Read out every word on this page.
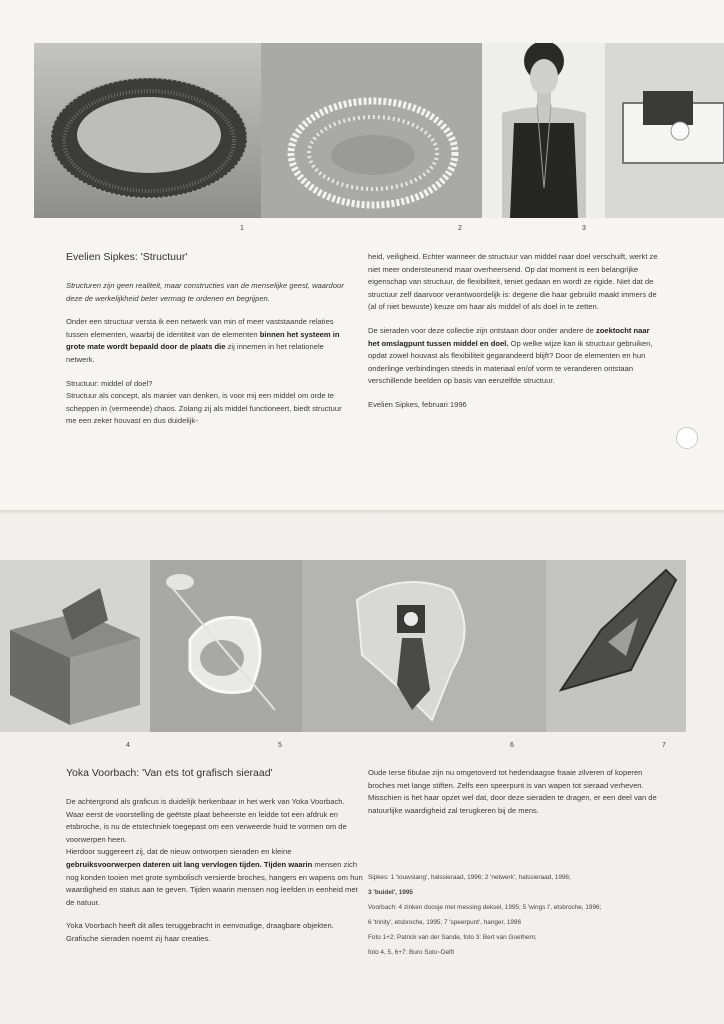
1	2	3
Evelien Sipkes: 'Structuur'

Structuren zijn geen realiteit, maar constructies van de menselijke geest, waardoor deze de werkelijkheid beter vermag te ordenen en begrijpen.

Onder een structuur versta ik een netwerk van min of meer vaststaande relaties tussen elementen, waarbij de identiteit van de elementen binnen het systeem in grote mate wordt bepaald door de plaats die zij innemen in het relationele netwerk.

Structuur: middel of doel?

Structuur als concept, als manier van denken, is voor mij een middel om orde te scheppen in (vermeende) chaos. Zolang zij als middel functioneert, biedt structuur me een zeker houvast en dus duidelijk-

heid, veiligheid. Echter wanneer de structuur van middel naar doel verschuift, werkt ze niet meer ondersteunend maar overheersend. Op dat moment is een belangrijke eigenschap van structuur, de flexibiliteit, teniet gedaan en wordt ze rigide. Niet dat de structuur zelf daarvoor verantwoordelijk is: degene die haar gebruikt maakt immers de (al of niet bewuste) keuze om haar als middel of als doel in te zetten.

De sieraden voor deze collectie zijn ontstaan door onder andere de zoektocht naar het omslagpunt tussen middel en doel. Op welke wijze kan ik structuur gebruiken, opdat zowel houvast als flexibiliteit gegarandeerd blijft? Door de elementen en hun onderlinge verbindingen steeds in materiaal en/of vorm te veranderen ontstaan verschillende beelden op basis van eenzelfde structuur.

Evelien Sipkes, februari 1996

4	5	6	7
Yoka Voorbach: 'Van ets tot grafisch sieraad'

De achtergrond als graficus is duidelijk herkenbaar in het werk van Yoka Voorbach.

Waar eerst de voorstelling de geëtste plaat beheerste en leidde tot een afdruk en etsbroche, is nu de etstechniek toegepast om een verweerde huid te vormen om de voorwerpen heen.

Hierdoor suggereert zij, dat de nieuw ontworpen sieraden en kleine gebruiksvoorwerpen dateren uit lang vervlogen tijden. Tijden waarin mensen zich nog konden tooien met grote symbolisch versierde broches, hangers en wapens om hun waardigheid en status aan te geven. Tijden waarin mensen nog leefden in eenheid met de natuur.

Yoka Voorbach heeft dit alles teruggebracht in eenvoudige, draagbare objekten. Grafische sieraden noemt zij haar creaties.

Oude Ierse fibulae zijn nu omgetoverd tot hedendaagse fraaie zilveren of koperen broches met lange stiften. Zelfs een speerpunt is van wapen tot sieraad verheven.

Misschien is het haar opzet wel dat, door deze sieraden te dragen, er een deel van de natuurlijke waardigheid zal terugkeren bij de mens.

Sipkes: 1 'touwslang', halssieraad, 1996; 2 'netwerk', halssieraad, 1996;
3 'buidel', 1995
Voorbach: 4 zinken doosje met messing deksel, 1995; 5 'wings I', etsbroche, 1996;
6 'trinity', etsbroche, 1995; 7 'speerpunt', hanger, 1996
Foto 1+2: Patrick van der Sande, foto 3: Bert van Goethem;
foto 4, 5, 6+7: Buro Solo~Delft
